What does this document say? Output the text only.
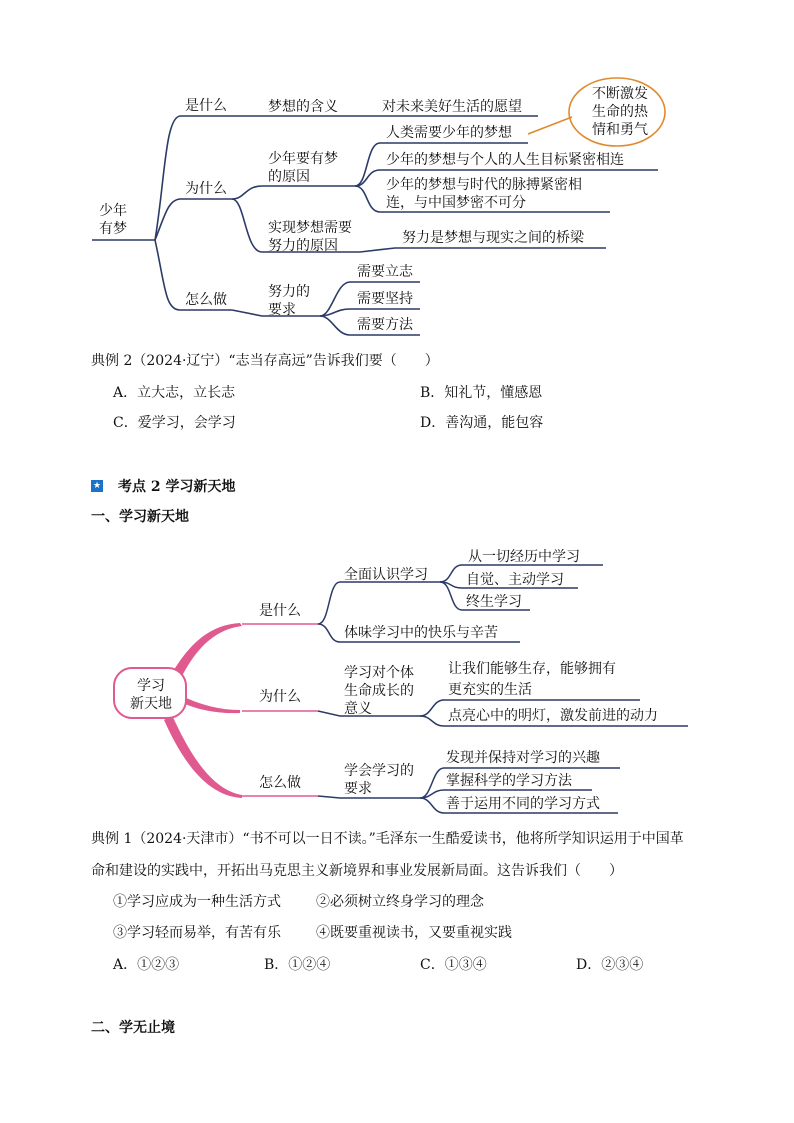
少年
有梦
是什么	梦想的含义	对未来美好生活的愿望
不断激发
生命的热
情和勇气
为什么
少年要有梦
的原因
人类需要少年的梦想
少年的梦想与个人的人生目标紧密相连
少年的梦想与时代的脉搏紧密相
连，与中国梦密不可分
实现梦想需要
努力的原因	努力是梦想与现实之间的桥梁
怎么做	努力的
要求
需要立志
需要坚持
需要方法
典例 2（2024·辽宁）“志当存高远”告诉我们要（　　）
A．立大志，立长志	B．知礼节，懂感恩
C．爱学习，会学习	D．善沟通，能包容
★ 考点 2 学习新天地
一、学习新天地
学习
新天地
是什么
全面认识学习
从一切经历中学习
自觉、主动学习
终生学习
体味学习中的快乐与辛苦
为什么
学习对个体
生命成长的
意义
让我们能够生存，能够拥有
更充实的生活
点亮心中的明灯，激发前进的动力
怎么做
学会学习的
要求
发现并保持对学习的兴趣
掌握科学的学习方法
善于运用不同的学习方式
典例 1（2024·天津市）“书不可以一日不读。”毛泽东一生酷爱读书，他将所学知识运用于中国革
命和建设的实践中，开拓出马克思主义新境界和事业发展新局面。这告诉我们（　　）
①学习应成为一种生活方式	②必须树立终身学习的理念
③学习轻而易举，有苦有乐	④既要重视读书，又要重视实践
A．①②③	B．①②④	C．①③④	D．②③④
二、学无止境
